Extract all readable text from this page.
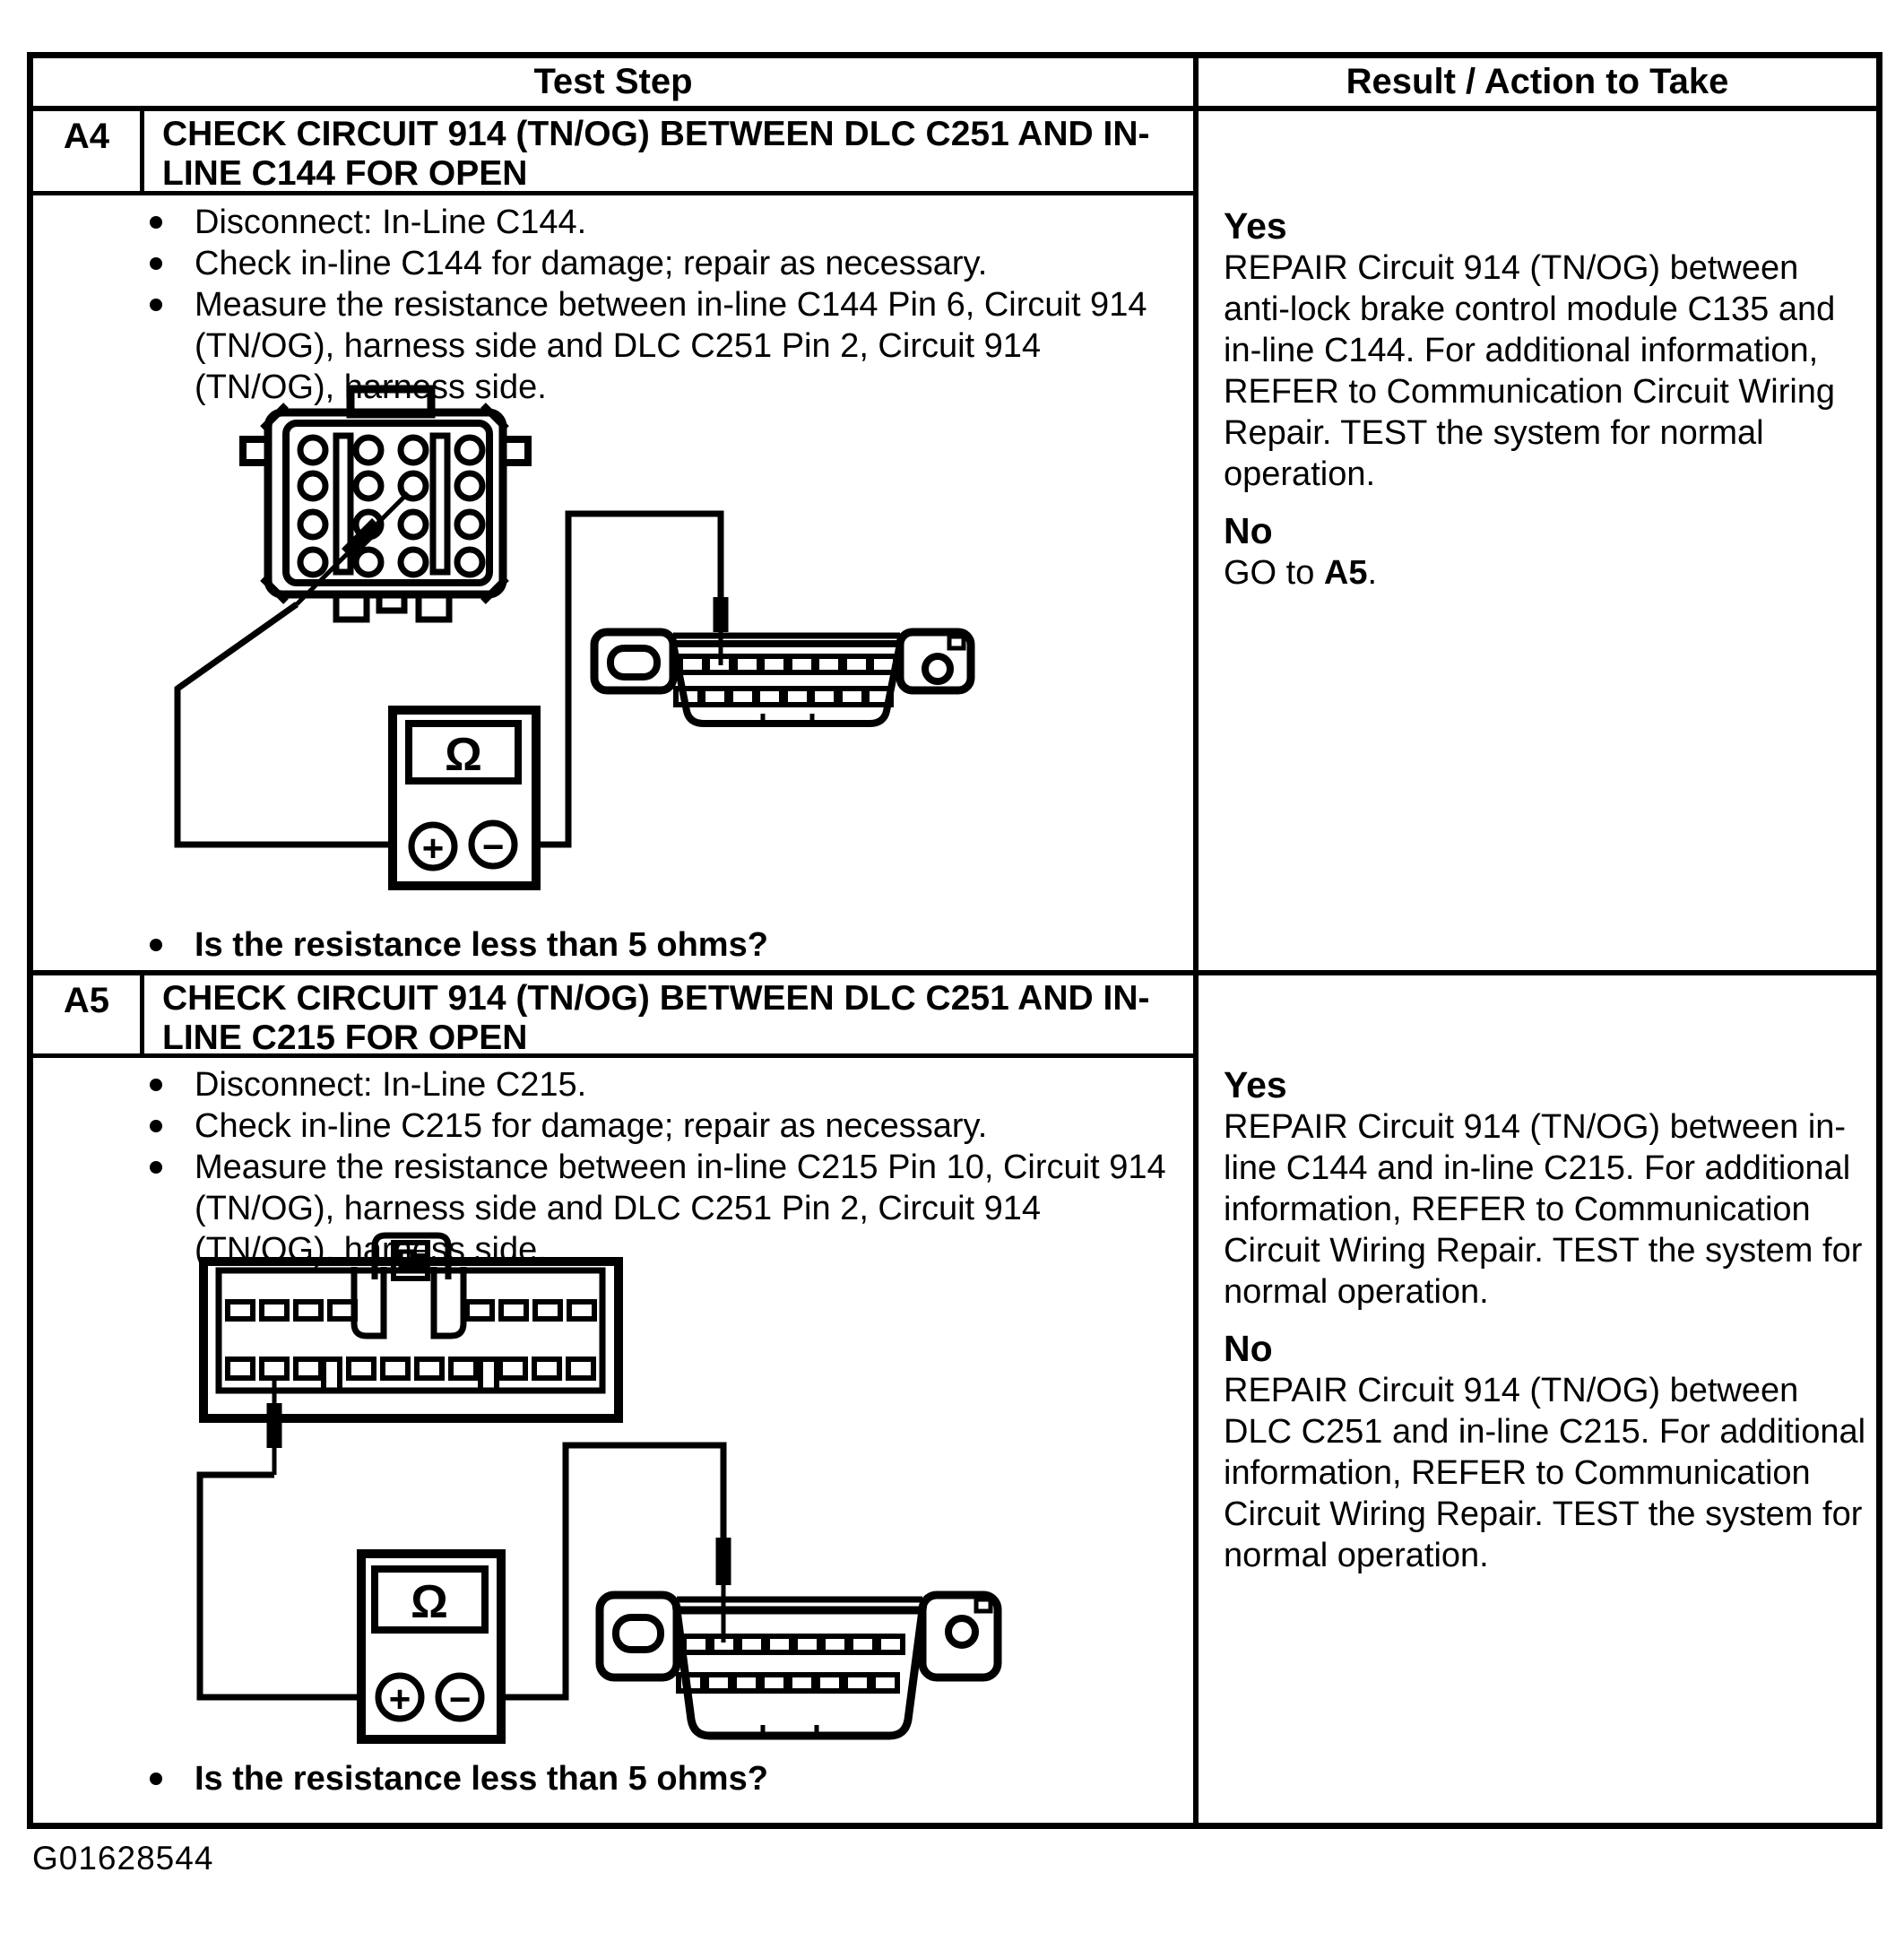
Test Step	Result / Action to Take
A4	CHECK CIRCUIT 914 (TN/OG) BETWEEN DLC C251 AND IN-LINE C144 FOR OPEN
Disconnect: In-Line C144.
Check in-line C144 for damage; repair as necessary.
Measure the resistance between in-line C144 Pin 6, Circuit 914 (TN/OG), harness side and DLC C251 Pin 2, Circuit 914 (TN/OG), harness side.
Ω
+ −
Is the resistance less than 5 ohms?
Yes

REPAIR Circuit 914 (TN/OG) between anti-lock brake control module C135 and in-line C144. For additional information, REFER to Communication Circuit Wiring Repair. TEST the system for normal operation.

No

GO to A5.

A5	CHECK CIRCUIT 914 (TN/OG) BETWEEN DLC C251 AND IN-LINE C215 FOR OPEN
Disconnect: In-Line C215.
Check in-line C215 for damage; repair as necessary.
Measure the resistance between in-line C215 Pin 10, Circuit 914 (TN/OG), harness side and DLC C251 Pin 2, Circuit 914 (TN/OG), harness side.
Ω
+ −
Is the resistance less than 5 ohms?
Yes

REPAIR Circuit 914 (TN/OG) between in-line C144 and in-line C215. For additional information, REFER to Communication Circuit Wiring Repair. TEST the system for normal operation.

No

REPAIR Circuit 914 (TN/OG) between DLC C251 and in-line C215. For additional information, REFER to Communication Circuit Wiring Repair. TEST the system for normal operation.

G01628544
